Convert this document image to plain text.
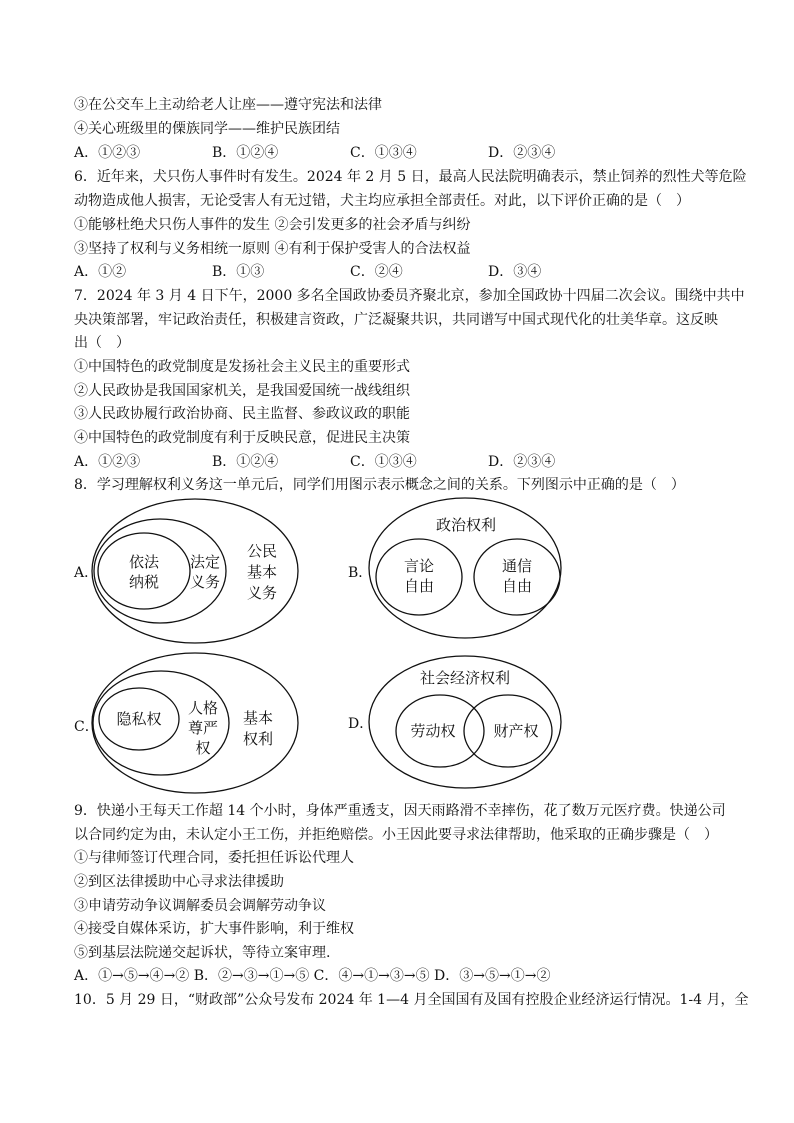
③在公交车上主动给老人让座——遵守宪法和法律
④关心班级里的傈族同学——维护民族团结
A．①②③	B．①②④	C．①③④	D．②③④
6．近年来，犬只伤人事件时有发生。2024 年 2 月 5 日，最高人民法院明确表示，禁止饲养的烈性犬等危险
动物造成他人损害，无论受害人有无过错，犬主均应承担全部责任。对此，以下评价正确的是（　）
①能够杜绝犬只伤人事件的发生 ②会引发更多的社会矛盾与纠纷
③坚持了权利与义务相统一原则 ④有利于保护受害人的合法权益
A．①②	B．①③	C．②④	D．③④
7．2024 年 3 月 4 日下午，2000 多名全国政协委员齐聚北京，参加全国政协十四届二次会议。围绕中共中
央决策部署，牢记政治责任，积极建言资政，广泛凝聚共识，共同谱写中国式现代化的壮美华章。这反映
出（　）
①中国特色的政党制度是发扬社会主义民主的重要形式
②人民政协是我国国家机关，是我国爱国统一战线组织
③人民政协履行政治协商、民主监督、参政议政的职能
④中国特色的政党制度有利于反映民意，促进民主决策
A．①②③	B．①②④	C．①③④	D．②③④
8．学习理解权利义务这一单元后，同学们用图示表示概念之间的关系。下列图示中正确的是（　）
A．
依法
纳税
法定
义务
公民
基本
义务
B．
政治权利
言论
自由
通信
自由
C． 隐私权
人格
尊严
权
基本
权利
D．
社会经济权利
劳动权	财产权
9．快递小王每天工作超 14 个小时，身体严重透支，因天雨路滑不幸摔伤，花了数万元医疗费。快递公司
以合同约定为由，未认定小王工伤，并拒绝赔偿。小王因此要寻求法律帮助，他采取的正确步骤是（　）
①与律师签订代理合同，委托担任诉讼代理人
②到区法律援助中心寻求法律援助
③申请劳动争议调解委员会调解劳动争议
④接受自媒体采访，扩大事件影响，利于维权
⑤到基层法院递交起诉状，等待立案审理.
A．①→⑤→④→② B．②→③→①→⑤ C．④→①→③→⑤ D．③→⑤→①→②
10．5 月 29 日，“财政部”公众号发布 2024 年 1—4 月全国国有及国有控股企业经济运行情况。1-4 月，全
